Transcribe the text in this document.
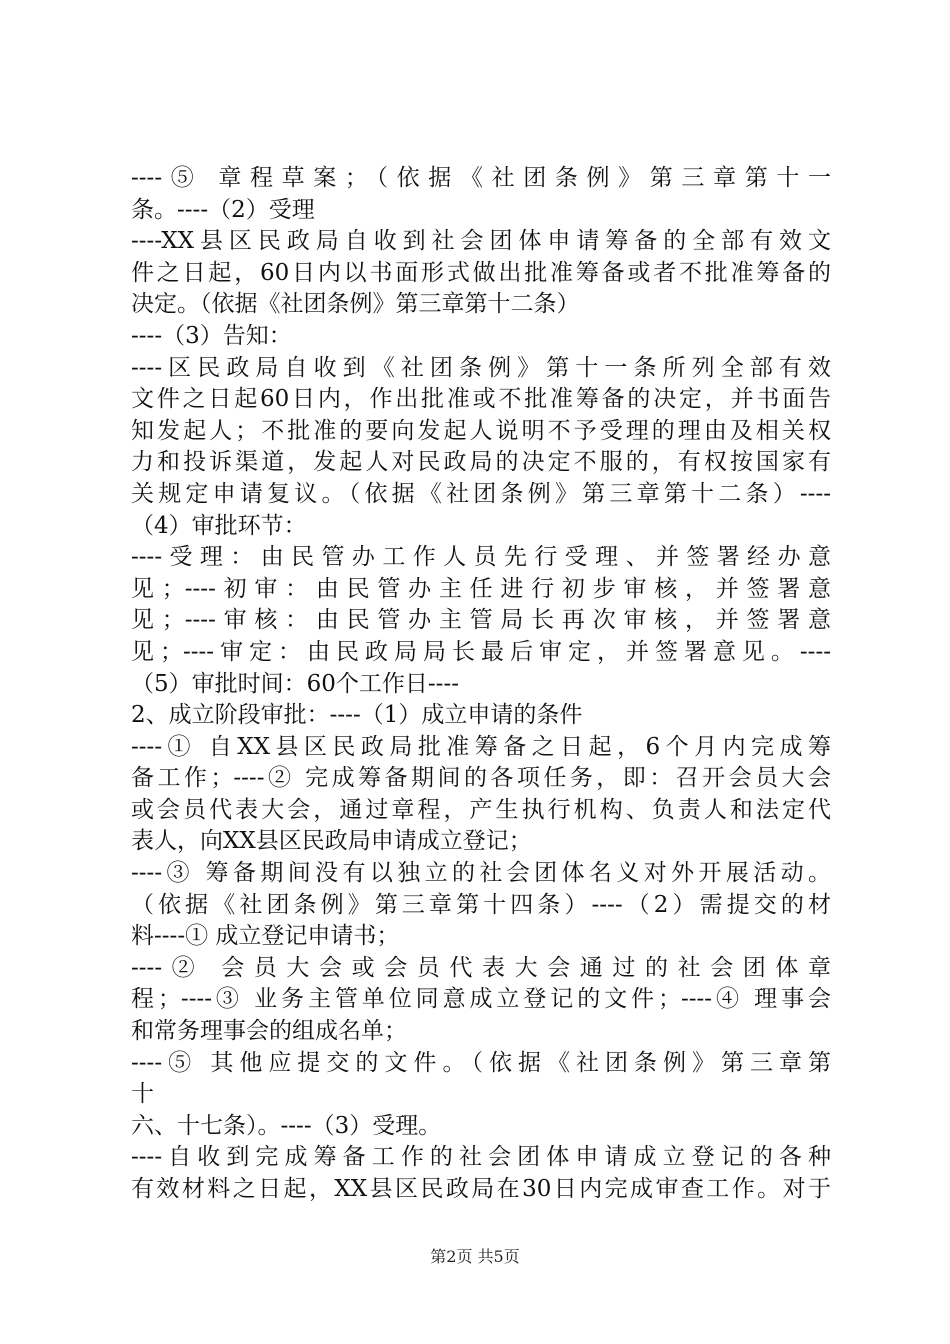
----⑤ 章程草案；（依据《社团条例》第三章第十一
条。----（2）受理
----XX县区民政局自收到社会团体申请筹备的全部有效文
件之日起，60日内以书面形式做出批准筹备或者不批准筹备的
决定。（依据《社团条例》第三章第十二条）
----（3）告知：
----区民政局自收到《社团条例》第十一条所列全部有效
文件之日起60日内，作出批准或不批准筹备的决定，并书面告
知发起人；不批准的要向发起人说明不予受理的理由及相关权
力和投诉渠道，发起人对民政局的决定不服的，有权按国家有
关规定申请复议。（依据《社团条例》第三章第十二条）----
（4）审批环节：
----受理：由民管办工作人员先行受理、并签署经办意
见；----初审：由民管办主任进行初步审核，并签署意
见；----审核：由民管办主管局长再次审核，并签署意
见；----审定：由民政局局长最后审定，并签署意见。----
（5）审批时间：60个工作日----
2、成立阶段审批：----（1）成立申请的条件
----① 自XX县区民政局批准筹备之日起，6个月内完成筹
备工作；----② 完成筹备期间的各项任务，即：召开会员大会
或会员代表大会，通过章程，产生执行机构、负责人和法定代
表人，向XX县区民政局申请成立登记；
----③ 筹备期间没有以独立的社会团体名义对外开展活动。
（依据《社团条例》第三章第十四条）----（2）需提交的材
料----① 成立登记申请书；
----② 会员大会或会员代表大会通过的社会团体章
程；----③ 业务主管单位同意成立登记的文件；----④ 理事会
和常务理事会的组成名单；
----⑤ 其他应提交的文件。（依据《社团条例》第三章第
十
六、十七条）。----（3）受理。
----自收到完成筹备工作的社会团体申请成立登记的各种
有效材料之日起，XX县区民政局在30日内完成审查工作。对于
第2页 共5页
